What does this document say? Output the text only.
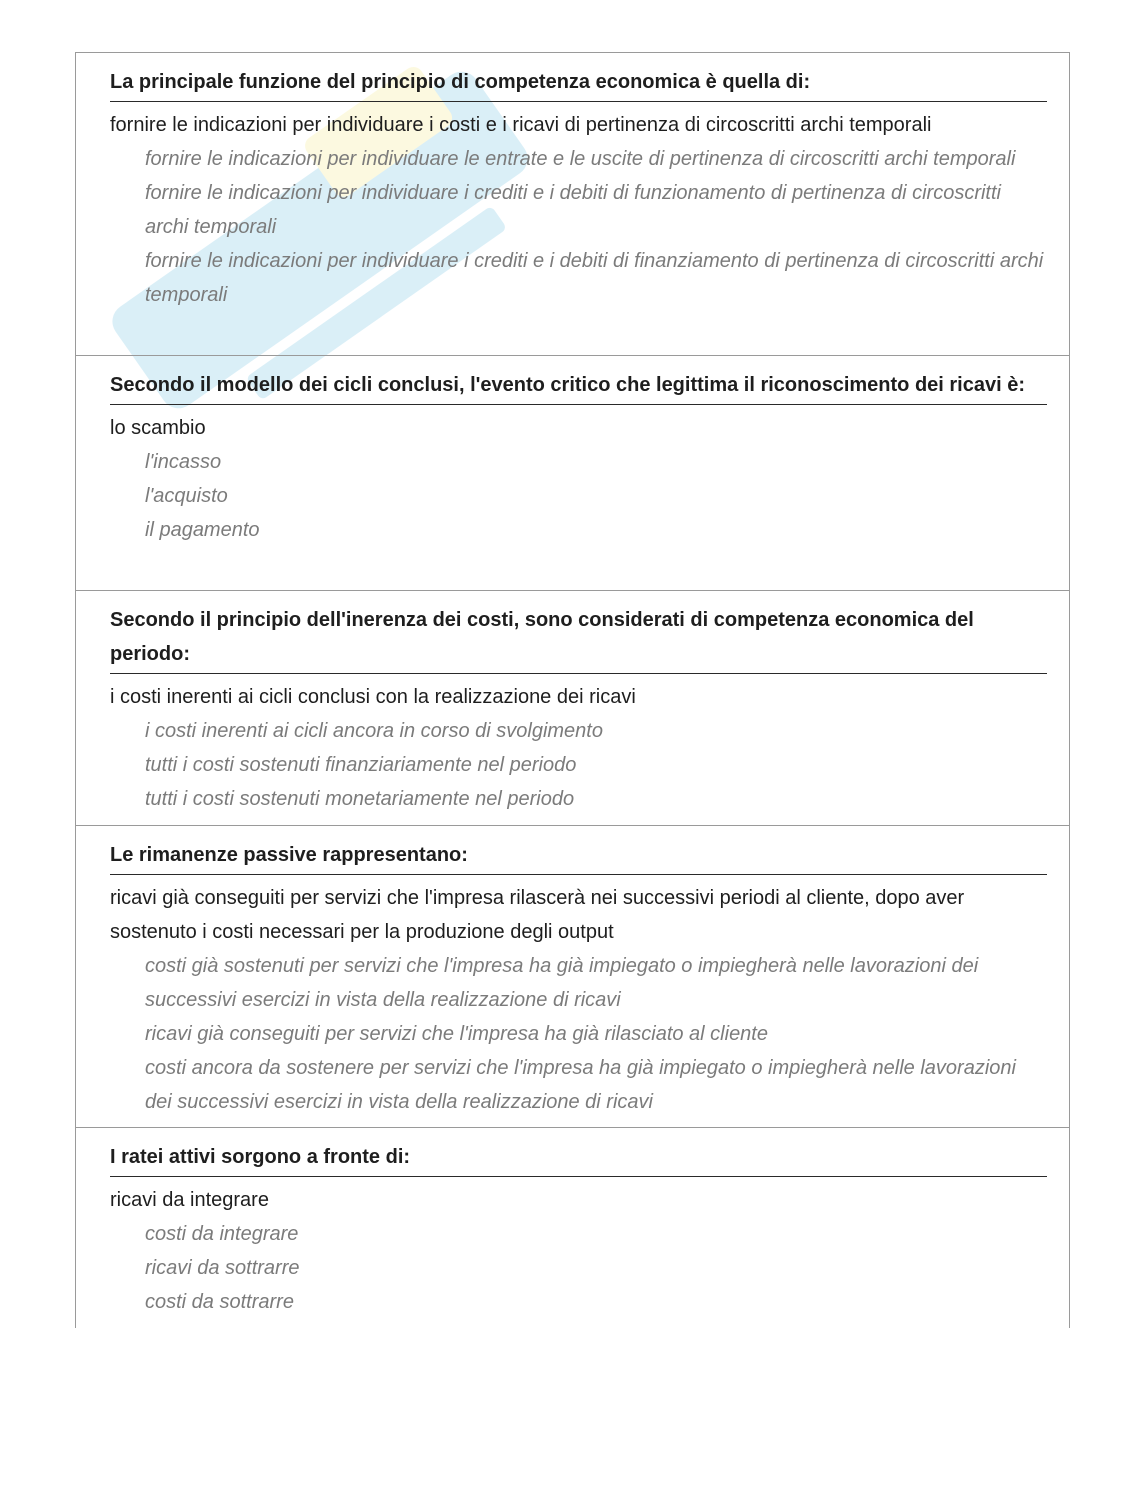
La principale funzione del principio di competenza economica è quella di:
fornire le indicazioni per individuare i costi e i ricavi di pertinenza di circoscritti archi temporali
fornire le indicazioni per individuare le entrate e le uscite di pertinenza di circoscritti archi temporali
fornire le indicazioni per individuare i crediti e i debiti di funzionamento di pertinenza di circoscritti archi temporali
fornire le indicazioni per individuare i crediti e i debiti di finanziamento di pertinenza di circoscritti archi temporali
Secondo il modello dei cicli conclusi, l'evento critico che legittima il riconoscimento dei ricavi è:
lo scambio
l'incasso
l'acquisto
il pagamento
Secondo il principio dell'inerenza dei costi, sono considerati di competenza economica del periodo:
i costi inerenti ai cicli conclusi con la realizzazione dei ricavi
i costi inerenti ai cicli ancora in corso di svolgimento
tutti i costi sostenuti finanziariamente nel periodo
tutti i costi sostenuti monetariamente nel periodo
Le rimanenze passive rappresentano:
ricavi già conseguiti per servizi che l'impresa rilascerà nei successivi periodi al cliente, dopo aver sostenuto i costi necessari per la produzione degli output
costi già sostenuti per servizi che l'impresa ha già impiegato o impiegherà nelle lavorazioni dei successivi esercizi in vista della realizzazione di ricavi
ricavi già conseguiti per servizi che l'impresa ha già rilasciato al cliente
costi ancora da sostenere per servizi che l'impresa ha già impiegato o impiegherà nelle lavorazioni dei successivi esercizi in vista della realizzazione di ricavi
I ratei attivi sorgono a fronte di:
ricavi da integrare
costi da integrare
ricavi da sottrarre
costi da sottrarre
